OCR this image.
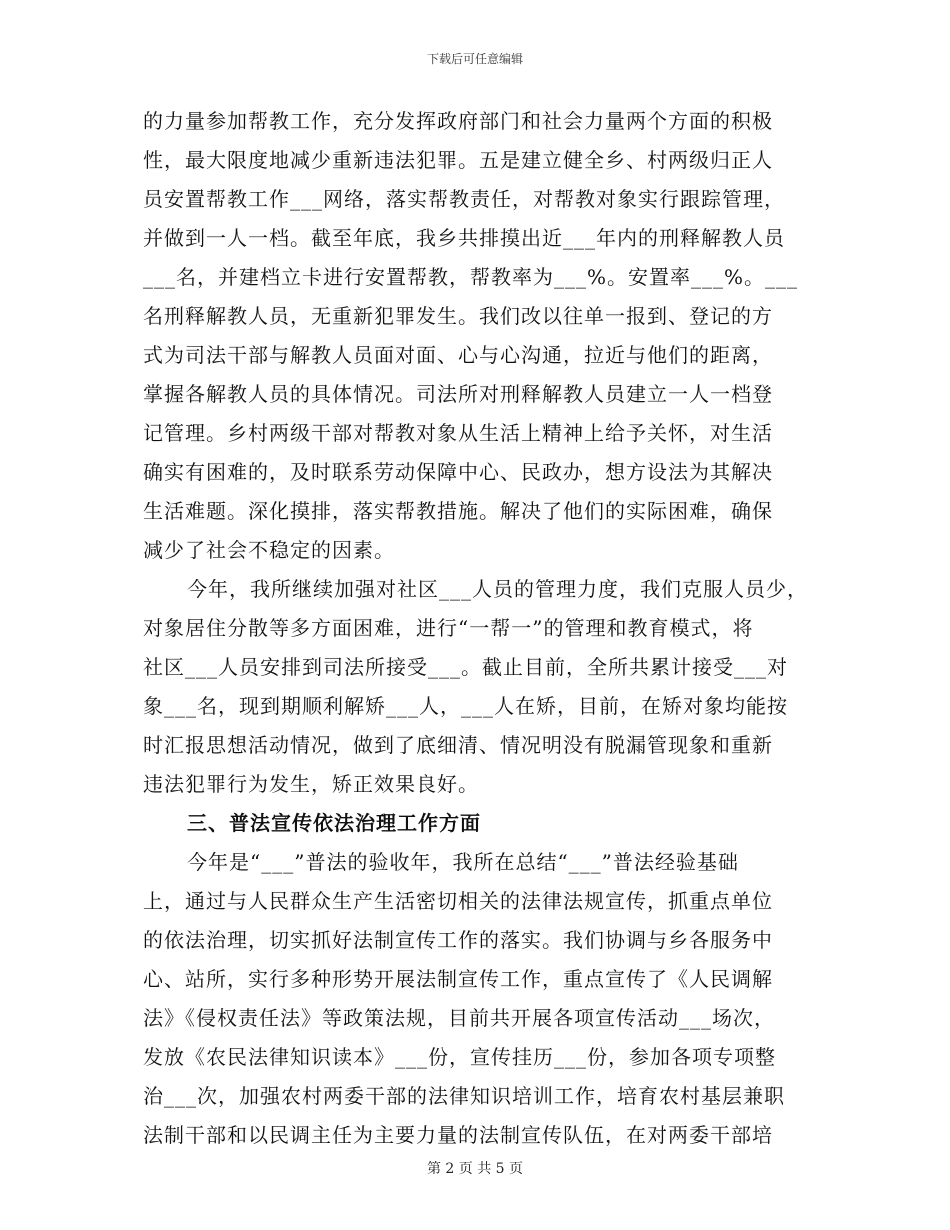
下载后可任意编辑
的力量参加帮教工作，充分发挥政府部门和社会力量两个方面的积极
性，最大限度地减少重新违法犯罪。五是建立健全乡、村两级归正人
员安置帮教工作___网络，落实帮教责任，对帮教对象实行跟踪管理，
并做到一人一档。截至年底，我乡共排摸出近___年内的刑释解教人员
___名，并建档立卡进行安置帮教，帮教率为___%。安置率___%。___
名刑释解教人员，无重新犯罪发生。我们改以往单一报到、登记的方
式为司法干部与解教人员面对面、心与心沟通，拉近与他们的距离，
掌握各解教人员的具体情况。司法所对刑释解教人员建立一人一档登
记管理。乡村两级干部对帮教对象从生活上精神上给予关怀，对生活
确实有困难的，及时联系劳动保障中心、民政办，想方设法为其解决
生活难题。深化摸排，落实帮教措施。解决了他们的实际困难，确保
减少了社会不稳定的因素。
今年，我所继续加强对社区___人员的管理力度，我们克服人员少，
对象居住分散等多方面困难，进行“一帮一”的管理和教育模式，将
社区___人员安排到司法所接受___。截止目前，全所共累计接受___对
象___名，现到期顺利解矫___人，___人在矫，目前，在矫对象均能按
时汇报思想活动情况，做到了底细清、情况明没有脱漏管现象和重新
违法犯罪行为发生，矫正效果良好。
三、普法宣传依法治理工作方面
今年是“___”普法的验收年，我所在总结“___”普法经验基础
上，通过与人民群众生产生活密切相关的法律法规宣传，抓重点单位
的依法治理，切实抓好法制宣传工作的落实。我们协调与乡各服务中
心、站所，实行多种形势开展法制宣传工作，重点宣传了《人民调解
法》《侵权责任法》等政策法规，目前共开展各项宣传活动___场次，
发放《农民法律知识读本》___份，宣传挂历___份，参加各项专项整
治___次，加强农村两委干部的法律知识培训工作，培育农村基层兼职
法制干部和以民调主任为主要力量的法制宣传队伍，在对两委干部培
第 2 页 共 5 页
